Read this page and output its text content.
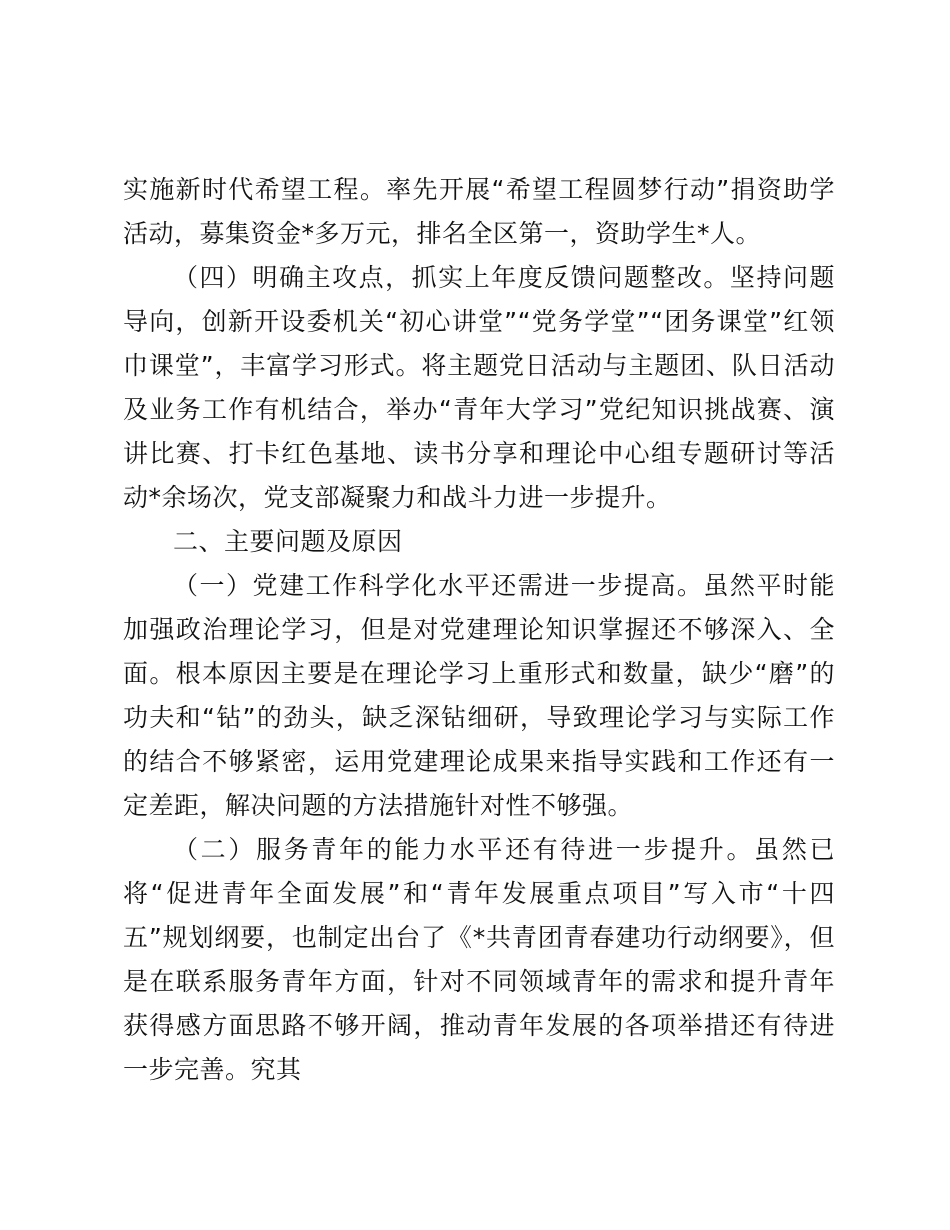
实施新时代希望工程。率先开展“希望工程圆梦行动”捐资助学活动，募集资金*多万元，排名全区第一，资助学生*人。

（四）明确主攻点，抓实上年度反馈问题整改。坚持问题导向，创新开设委机关“初心讲堂”“党务学堂”“团务课堂”红领巾课堂”，丰富学习形式。将主题党日活动与主题团、队日活动及业务工作有机结合，举办“青年大学习”党纪知识挑战赛、演讲比赛、打卡红色基地、读书分享和理论中心组专题研讨等活动*余场次，党支部凝聚力和战斗力进一步提升。

二、主要问题及原因

（一）党建工作科学化水平还需进一步提高。虽然平时能加强政治理论学习，但是对党建理论知识掌握还不够深入、全面。根本原因主要是在理论学习上重形式和数量，缺少“磨”的功夫和“钻”的劲头，缺乏深钻细研，导致理论学习与实际工作的结合不够紧密，运用党建理论成果来指导实践和工作还有一定差距，解决问题的方法措施针对性不够强。

（二）服务青年的能力水平还有待进一步提升。虽然已将“促进青年全面发展”和“青年发展重点项目”写入市“十四五”规划纲要，也制定出台了《*共青团青春建功行动纲要》，但是在联系服务青年方面，针对不同领域青年的需求和提升青年获得感方面思路不够开阔，推动青年发展的各项举措还有待进一步完善。究其
